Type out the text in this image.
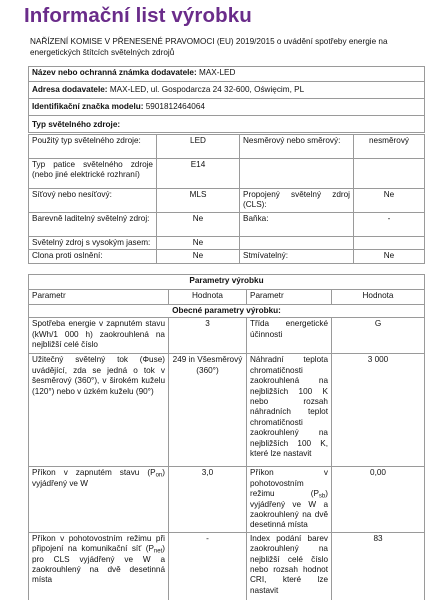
Informační list výrobku
NAŘÍZENÍ KOMISE V PŘENESENÉ PRAVOMOCI (EU) 2019/2015 o uvádění spotřeby energie na energetických štítcích světelných zdrojů
Název nebo ochranná známka dodavatele: MAX-LED
Adresa dodavatele: MAX-LED, ul. Gospodarcza 24 32-600, Oświęcim, PL
Identifikační značka modelu: 5901812464064
Typ světelného zdroje:
Použitý typ světelného zdroje:	LED	Nesměrový nebo směrový:	nesměrový
Typ patice světelného zdroje (nebo jiné elektrické rozhraní)	E14		
Síťový nebo nesíťový:	MLS	Propojený světelný zdroj (CLS):	Ne
Barevně laditelný světelný zdroj:	Ne	Baňka:	-
Světelný zdroj s vysokým jasem:	Ne		
Clona proti oslnění:	Ne	Stmívatelný:	Ne
Parametry výrobku			
Parametr	Hodnota	Parametr	Hodnota
Obecné parametry výrobku:			
Spotřeba energie v zapnutém stavu (kWh/1 000 h) zaokrouhlená na nejbližší celé číslo	3	Třída energetické účinnosti	G
Užitečný světelný tok (Φuse) uvádějící, zda se jedná o tok v šesměrový (360°), v širokém kuželu (120°) nebo v úzkém kuželu (90°)	249 in Všesměrový (360°)	Náhradní teplota chromatičnosti zaokrouhlená na nejbližších 100 K nebo rozsah náhradních teplot chromatičnosti zaokrouhlený na nejbližších 100 K, které lze nastavit	3 000
Příkon v zapnutém stavu $(P_{on})$ vyjádřený ve W	3,0	Příkon v pohotovostním režimu $(P_{sb})$ vyjádřený ve W a zaokrouhlený na dvě desetinná místa	0,00
Příkon v pohotovostním režimu při připojení na komunikační síť $(P_{net})$ pro CLS vyjádřený ve W a zaokrouhlený na dvě desetinná místa	-	Index podání barev zaokrouhlený na nejbližší celé číslo nebo rozsah hodnot CRI, které lze nastavit	83
